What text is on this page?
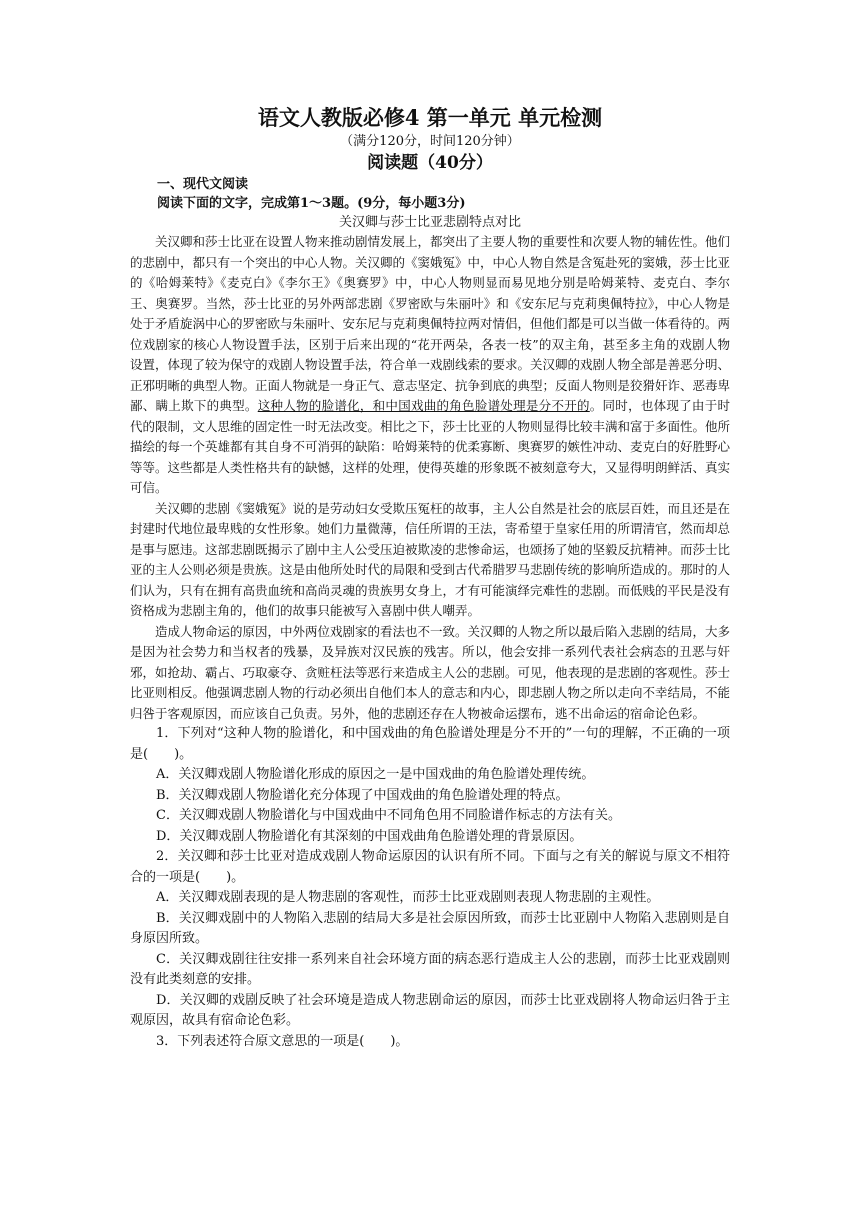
语文人教版必修4 第一单元 单元检测

（满分120分，时间120分钟）

阅读题（40分）

一、现代文阅读

阅读下面的文字，完成第1～3题。(9分，每小题3分)

关汉卿与莎士比亚悲剧特点对比

关汉卿和莎士比亚在设置人物来推动剧情发展上，都突出了主要人物的重要性和次要人物的辅佐性。他们的悲剧中，都只有一个突出的中心人物。关汉卿的《窦娥冤》中，中心人物自然是含冤赴死的窦娥，莎士比亚的《哈姆莱特》《麦克白》《李尔王》《奥赛罗》中，中心人物则显而易见地分别是哈姆莱特、麦克白、李尔王、奥赛罗。当然，莎士比亚的另外两部悲剧《罗密欧与朱丽叶》和《安东尼与克莉奥佩特拉》，中心人物是处于矛盾旋涡中心的罗密欧与朱丽叶、安东尼与克莉奥佩特拉两对情侣，但他们都是可以当做一体看待的。两位戏剧家的核心人物设置手法，区别于后来出现的“花开两朵，各表一枝”的双主角，甚至多主角的戏剧人物设置，体现了较为保守的戏剧人物设置手法，符合单一戏剧线索的要求。关汉卿的戏剧人物全部是善恶分明、正邪明晰的典型人物。正面人物就是一身正气、意志坚定、抗争到底的典型；反面人物则是狡猾奸诈、恶毒卑鄙、瞒上欺下的典型。这种人物的脸谱化，和中国戏曲的角色脸谱处理是分不开的。同时，也体现了由于时代的限制，文人思维的固定性一时无法改变。相比之下，莎士比亚的人物则显得比较丰满和富于多面性。他所描绘的每一个英雄都有其自身不可消弭的缺陷：哈姆莱特的优柔寡断、奥赛罗的嫉性冲动、麦克白的好胜野心等等。这些都是人类性格共有的缺憾，这样的处理，使得英雄的形象既不被刻意夸大，又显得明朗鲜活、真实可信。

关汉卿的悲剧《窦娥冤》说的是劳动妇女受欺压冤枉的故事，主人公自然是社会的底层百姓，而且还是在封建时代地位最卑贱的女性形象。她们力量微薄，信任所谓的王法，寄希望于皇家任用的所谓清官，然而却总是事与愿违。这部悲剧既揭示了剧中主人公受压迫被欺凌的悲惨命运，也颂扬了她的坚毅反抗精神。而莎士比亚的主人公则必须是贵族。这是由他所处时代的局限和受到古代希腊罗马悲剧传统的影响所造成的。那时的人们认为，只有在拥有高贵血统和高尚灵魂的贵族男女身上，才有可能演绎完难性的悲剧。而低贱的平民是没有资格成为悲剧主角的，他们的故事只能被写入喜剧中供人嘲弄。

造成人物命运的原因，中外两位戏剧家的看法也不一致。关汉卿的人物之所以最后陷入悲剧的结局，大多是因为社会势力和当权者的残暴，及异族对汉民族的残害。所以，他会安排一系列代表社会病态的丑恶与奸邪，如抢劫、霸占、巧取豪夺、贪赃枉法等恶行来造成主人公的悲剧。可见，他表现的是悲剧的客观性。莎士比亚则相反。他强调悲剧人物的行动必须出自他们本人的意志和内心，即悲剧人物之所以走向不幸结局，不能归咎于客观原因，而应该自己负责。另外，他的悲剧还存在人物被命运摆布，逃不出命运的宿命论色彩。

1．下列对“这种人物的脸谱化，和中国戏曲的角色脸谱处理是分不开的”一句的理解，不正确的一项是(　　)。

A．关汉卿戏剧人物脸谱化形成的原因之一是中国戏曲的角色脸谱处理传统。

B．关汉卿戏剧人物脸谱化充分体现了中国戏曲的角色脸谱处理的特点。

C．关汉卿戏剧人物脸谱化与中国戏曲中不同角色用不同脸谱作标志的方法有关。

D．关汉卿戏剧人物脸谱化有其深刻的中国戏曲角色脸谱处理的背景原因。

2．关汉卿和莎士比亚对造成戏剧人物命运原因的认识有所不同。下面与之有关的解说与原文不相符合的一项是(　　)。

A．关汉卿戏剧表现的是人物悲剧的客观性，而莎士比亚戏剧则表现人物悲剧的主观性。

B．关汉卿戏剧中的人物陷入悲剧的结局大多是社会原因所致，而莎士比亚剧中人物陷入悲剧则是自身原因所致。

C．关汉卿戏剧往往安排一系列来自社会环境方面的病态恶行造成主人公的悲剧，而莎士比亚戏剧则没有此类刻意的安排。

D．关汉卿的戏剧反映了社会环境是造成人物悲剧命运的原因，而莎士比亚戏剧将人物命运归咎于主观原因，故具有宿命论色彩。

3．下列表述符合原文意思的一项是(　　)。
